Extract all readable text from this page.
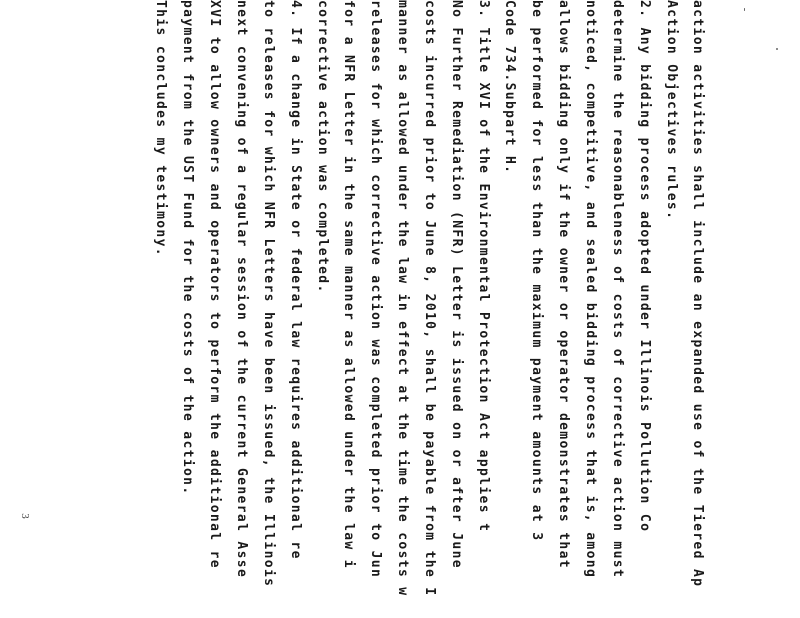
action activities shall include an expanded use of the Tiered Ap
Action Objectives rules.
2. Any bidding process adopted under Illinois Pollution Co
determine the reasonableness of costs of corrective action must
noticed, competitive, and sealed bidding process that is, among
allows bidding only if the owner or operator demonstrates that
be performed for less than the maximum payment amounts at 3
Code 734.Subpart H.
3. Title XVI of the Environmental Protection Act applies t
No Further Remediation (NFR) Letter is issued on or after June
costs incurred prior to June 8, 2010, shall be payable from the I
manner as allowed under the law in effect at the time the costs w
releases for which corrective action was completed prior to Jun
for a NFR Letter in the same manner as allowed under the law i
corrective action was completed.
4. If a change in State or federal law requires additional re
to releases for which NFR Letters have been issued, the Illinois
next convening of a regular session of the current General Asse
XVI to allow owners and operators to perform the additional re
payment from the UST Fund for the costs of the action.
This concludes my testimony.
3
